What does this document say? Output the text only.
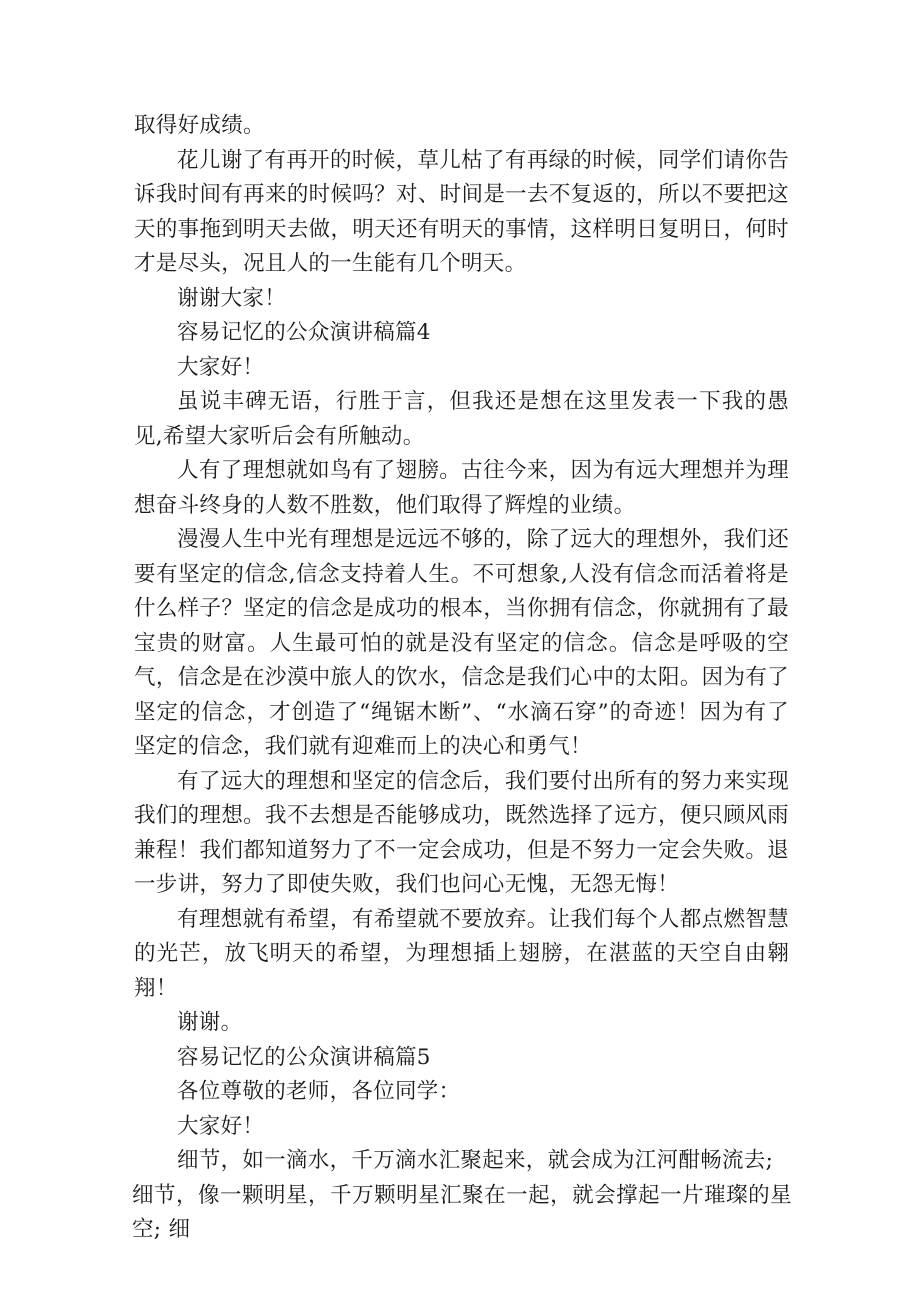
取得好成绩。

花儿谢了有再开的时候，草儿枯了有再绿的时候，同学们请你告诉我时间有再来的时候吗？对、时间是一去不复返的，所以不要把这天的事拖到明天去做，明天还有明天的事情，这样明日复明日，何时才是尽头，况且人的一生能有几个明天。

谢谢大家！

容易记忆的公众演讲稿篇4

大家好！

虽说丰碑无语，行胜于言，但我还是想在这里发表一下我的愚见,希望大家听后会有所触动。

人有了理想就如鸟有了翅膀。古往今来，因为有远大理想并为理想奋斗终身的人数不胜数，他们取得了辉煌的业绩。

漫漫人生中光有理想是远远不够的，除了远大的理想外，我们还要有坚定的信念,信念支持着人生。不可想象,人没有信念而活着将是什么样子？坚定的信念是成功的根本，当你拥有信念，你就拥有了最宝贵的财富。人生最可怕的就是没有坚定的信念。信念是呼吸的空气，信念是在沙漠中旅人的饮水，信念是我们心中的太阳。因为有了坚定的信念，才创造了“绳锯木断”、“水滴石穿”的奇迹！因为有了坚定的信念，我们就有迎难而上的决心和勇气！

有了远大的理想和坚定的信念后，我们要付出所有的努力来实现我们的理想。我不去想是否能够成功，既然选择了远方，便只顾风雨兼程！我们都知道努力了不一定会成功，但是不努力一定会失败。退一步讲，努力了即使失败，我们也问心无愧，无怨无悔！

有理想就有希望，有希望就不要放弃。让我们每个人都点燃智慧的光芒，放飞明天的希望，为理想插上翅膀，在湛蓝的天空自由翱翔！

谢谢。

容易记忆的公众演讲稿篇5

各位尊敬的老师，各位同学：

大家好！

细节，如一滴水，千万滴水汇聚起来，就会成为江河酣畅流去;

细节，像一颗明星，千万颗明星汇聚在一起，就会撑起一片璀璨的星空; 细
